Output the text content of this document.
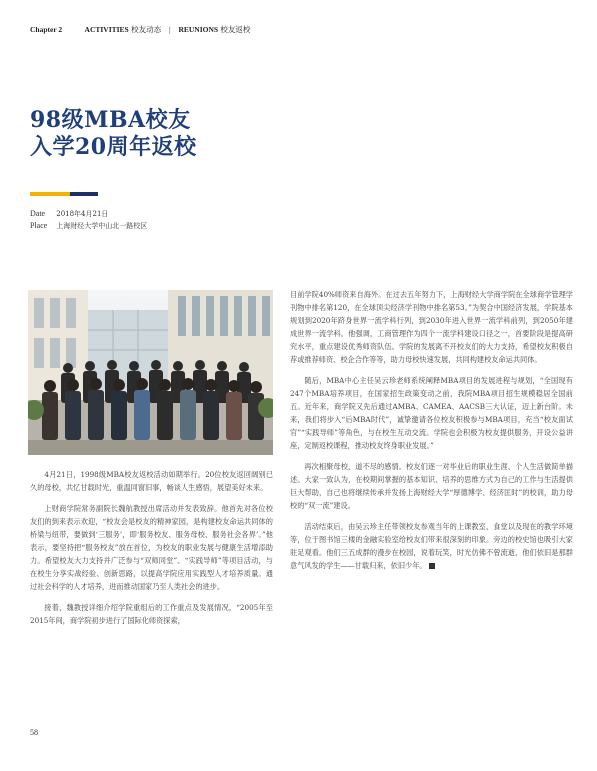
Chapter 2	ACTIVITIES 校友动态 | REUNIONS 校友返校
98级MBA校友
入学20周年返校
Date 2018年4月21日
Place 上海财经大学中山北一路校区

4月21日，1998级MBA校友返校活动如期举行。20位校友返回阔别已久的母校，共忆甘载时光，重温同窗旧事，畅谈人生感悟，展望美好未来。

上财商学院常务副院长魏航教授出席活动并发表致辞。他首先对各位校友们的到来表示欢迎，“校友会是校友的精神家园，是构建校友命运共同体的桥梁与纽带，要做到‘三服务’，即‘服务校友、服务母校、服务社会各界’。”他表示，要坚持把“服务校友”放在首位，为校友的职业发展与健康生活增添助力。希望校友大力支持并广泛参与“双师同堂”、“实践导师”等项目活动，与在校生分享实战经验、创新思路，以提高学院应用实践型人才培养质量。通过社会科学的人才培养，进而推动国家乃至人类社会的进步。

接着，魏教授详细介绍学院重组后的工作重点及发展情况，“2005年至2015年间，商学院初步进行了国际化师资探索，

目前学院40%师资来自海外。在过去五年努力下，上海财经大学商学院在全球商学管理学刊物中排名第120，在全球顶尖经济学刊物中排名第53。”为契合中国经济发展，学院基本规划到2020年跻身世界一流学科行列，到2030年进入世界一流学科前列，到2050年建成世界一流学科。他强调，工商管理作为四个一流学科建设口径之一，首要阶段是提高研究水平，重点建设优秀师资队伍。学院的发展离不开校友们的大力支持，希望校友积极自荐或推荐师资、校企合作等等，助力母校快速发展，共同构建校友命运共同体。

随后，MBA中心主任吴云珍老师系统阐释MBA项目的发展进程与规划，“全国现有247个MBA培养项目，在国家招生政策变动之前，我院MBA项目招生规模稳居全国前五。近年来，商学院又先后通过AMBA、CAMEA、AACSB三大认证，迈上新台阶。未来，我们将步入“后MBA时代”，诚挚邀请各位校友积极参与MBA项目，充当“校友面试官”“实践导师”等角色，与在校生互动交流。学院也会积极为校友提供服务，开设公益讲座，定制返校课程，推动校友终身职业发展。”

再次相聚母校，道不尽的感情。校友们逐一对毕业后的职业生涯、个人生活做简单描述。大家一致认为，在校期间掌握的基本知识、培养的思维方式为自己的工作与生活提供巨大帮助，自己也将继续传承并发扬上海财经大学“厚德博学、经济匡时”的校训，助力母校的“双一流”建设。

活动结束后，由吴云珍主任带领校友参观当年的上课教室、食堂以及现在的教学环境等，位于图书馆三楼的金融实验室给校友们带来很深刻的印象。旁边的校史馆也吸引大家驻足观看。他们三五成群的漫步在校园，说着玩笑，时光仿佛不曾流逝，他们依旧是那群意气风发的学生——甘载归来，依旧少年。

58
